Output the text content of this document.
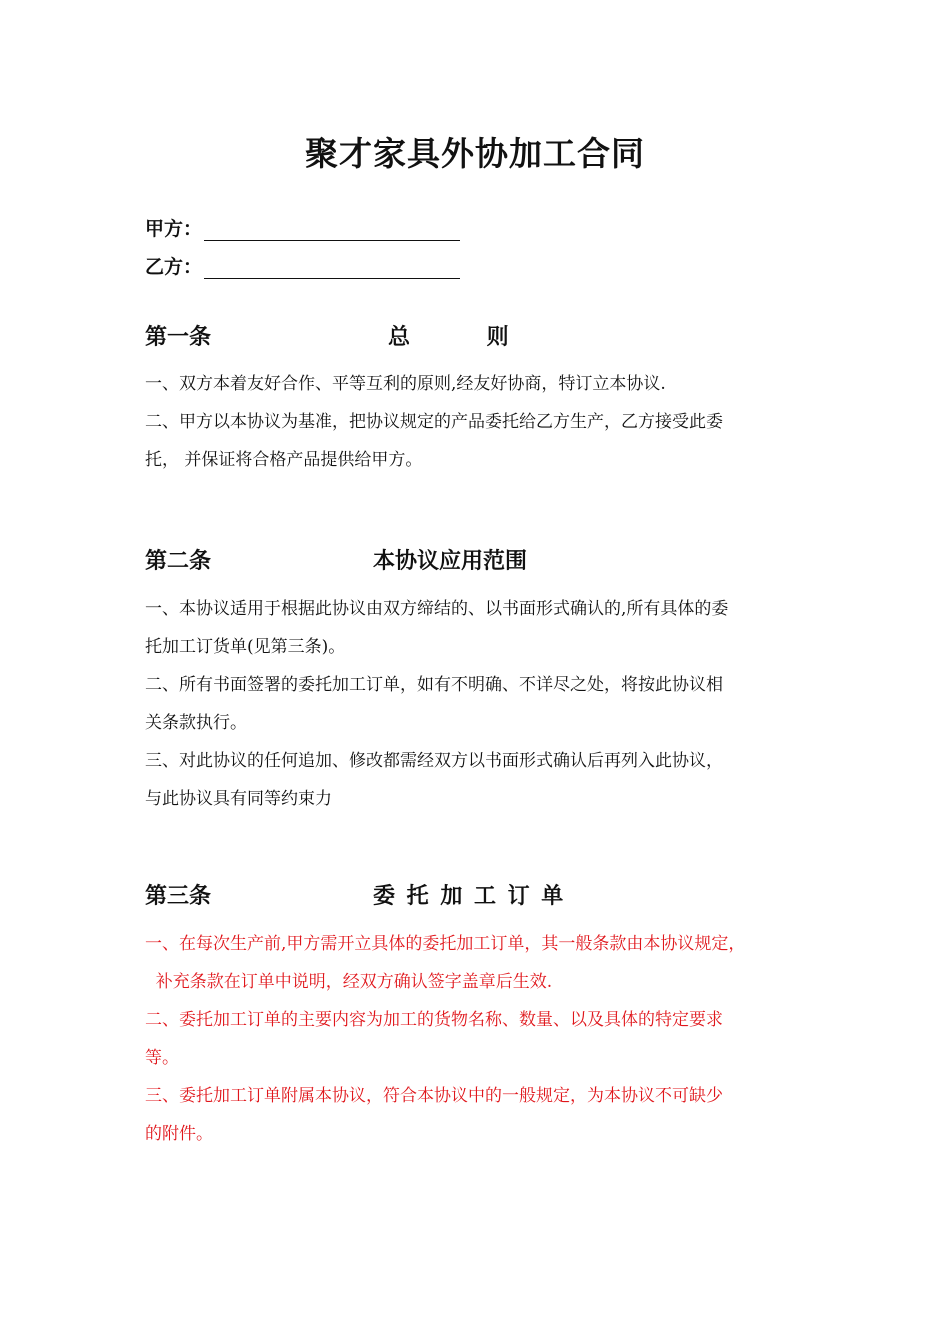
聚才家具外协加工合同
甲方：
乙方：
第一条	总          则
一、双方本着友好合作、平等互利的原则,经友好协商，特订立本协议.
二、甲方以本协议为基准，把协议规定的产品委托给乙方生产，乙方接受此委
托， 并保证将合格产品提供给甲方。
第二条	本协议应用范围
一、本协议适用于根据此协议由双方缔结的、以书面形式确认的,所有具体的委
托加工订货单(见第三条)。
二、所有书面签署的委托加工订单，如有不明确、不详尽之处，将按此协议相
关条款执行。
三、对此协议的任何追加、修改都需经双方以书面形式确认后再列入此协议，
与此协议具有同等约束力
第三条	委 托 加 工 订 单
一、在每次生产前,甲方需开立具体的委托加工订单，其一般条款由本协议规定，
补充条款在订单中说明，经双方确认签字盖章后生效.
二、委托加工订单的主要内容为加工的货物名称、数量、以及具体的特定要求
等。
三、委托加工订单附属本协议，符合本协议中的一般规定，为本协议不可缺少
的附件。
